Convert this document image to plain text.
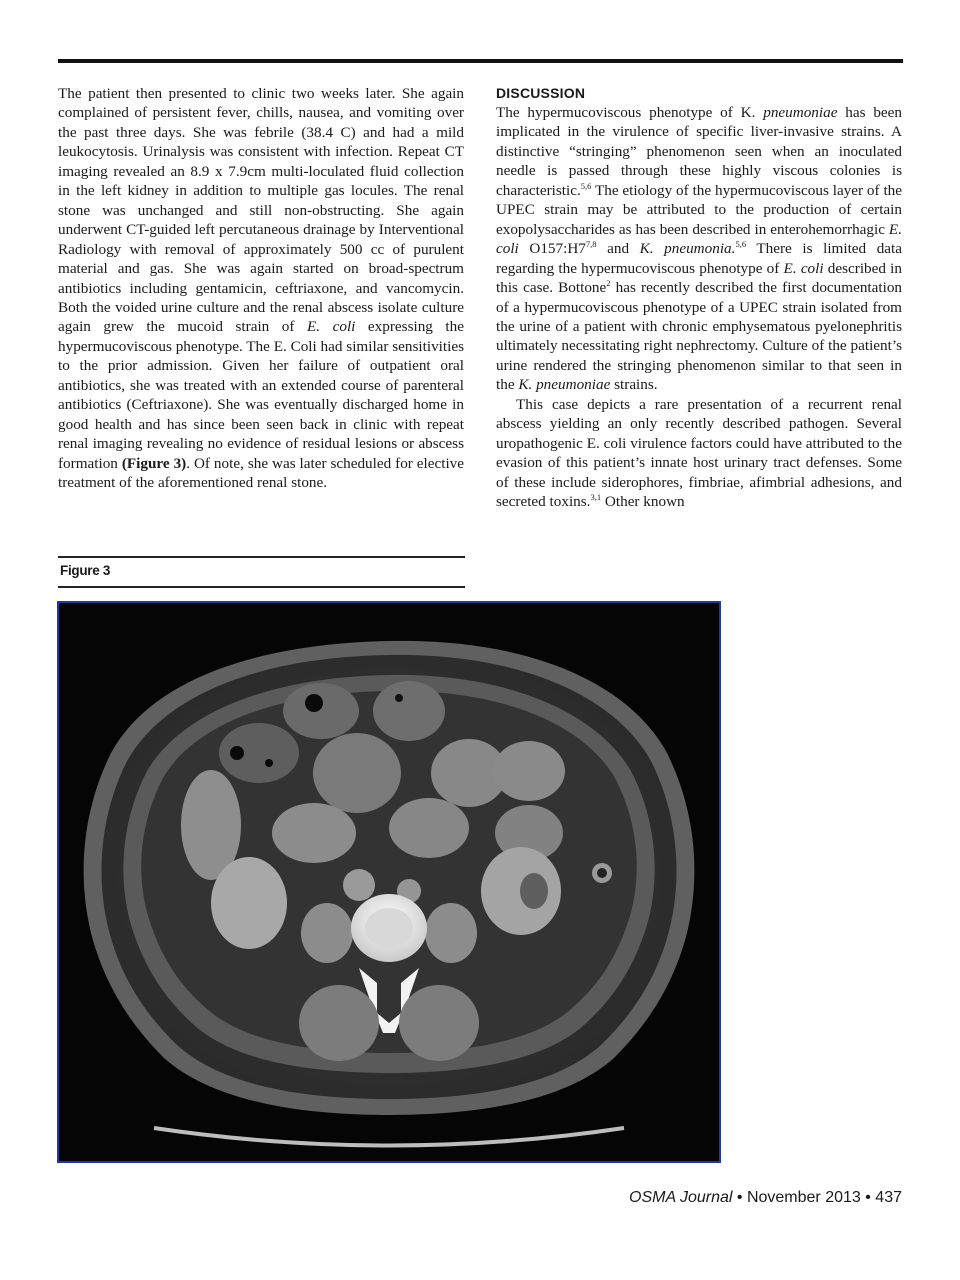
The patient then presented to clinic two weeks later. She again complained of persistent fever, chills, nausea, and vomiting over the past three days. She was febrile (38.4 C) and had a mild leukocytosis. Urinalysis was consistent with infection. Repeat CT imaging revealed an 8.9 x 7.9cm multi-loculated fluid collection in the left kidney in addition to multiple gas locules. The renal stone was unchanged and still non-obstructing. She again underwent CT-guided left percutaneous drainage by Interventional Radiology with removal of approximately 500 cc of purulent material and gas. She was again started on broad-spectrum antibiotics including gentamicin, ceftriaxone, and vancomycin. Both the voided urine culture and the renal abscess isolate culture again grew the mucoid strain of E. coli expressing the hypermucoviscous phenotype. The E. Coli had similar sensitivities to the prior admission. Given her failure of outpatient oral antibiotics, she was treated with an extended course of parenteral antibiotics (Ceftriaxone). She was eventually discharged home in good health and has since been seen back in clinic with repeat renal imaging revealing no evidence of residual lesions or abscess formation (Figure 3). Of note, she was later scheduled for elective treatment of the aforementioned renal stone.

DISCUSSION

The hypermucoviscous phenotype of K. pneumoniae has been implicated in the virulence of specific liver-invasive strains. A distinctive “stringing” phenomenon seen when an inoculated needle is passed through these highly viscous colonies is characteristic.$^{5,6}$ The etiology of the hypermucoviscous layer of the UPEC strain may be attributed to the production of certain exopolysaccharides as has been described in enterohemorrhagic E. coli O157:H7$^{7,8}$ and K. pneumonia.$^{5,6}$ There is limited data regarding the hypermucoviscous phenotype of E. coli described in this case. Bottone$^2$ has recently described the first documentation of a hypermucoviscous phenotype of a UPEC strain isolated from the urine of a patient with chronic emphysematous pyelonephritis ultimately necessitating right nephrectomy. Culture of the patient’s urine rendered the stringing phenomenon similar to that seen in the K. pneumoniae strains.

This case depicts a rare presentation of a recurrent renal abscess yielding an only recently described pathogen. Several uropathogenic E. coli virulence factors could have attributed to the evasion of this patient’s innate host urinary tract defenses. Some of these include siderophores, fimbriae, afimbrial adhesions, and secreted toxins.$^{3,1}$ Other known

Figure 3
OSMA Journal • November 2013 • 437
